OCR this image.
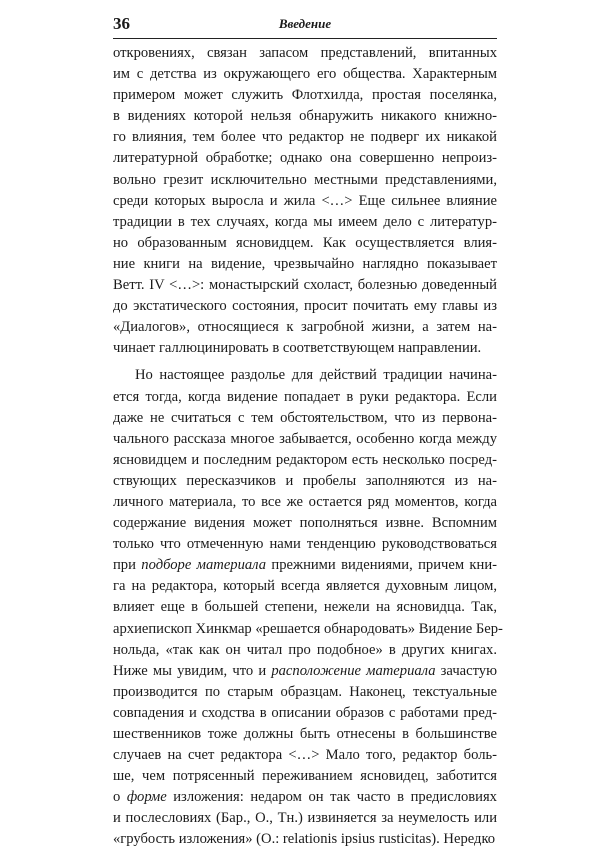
36	Введение
откровениях, связан запасом представлений, впитанных
им с детства из окружающего его общества. Характерным
примером может служить Флотхилда, простая поселянка,
в видениях которой нельзя обнаружить никакого книжно-
го влияния, тем более что редактор не подверг их никакой
литературной обработке; однако она совершенно непроиз-
вольно грезит исключительно местными представлениями,
среди которых выросла и жила <…> Еще сильнее влияние
традиции в тех случаях, когда мы имеем дело с литератур-
но образованным ясновидцем. Как осуществляется влия-
ние книги на видение, чрезвычайно наглядно показывает
Ветт. IV <…>: монастырский схоласт, болезнью доведенный
до экстатического состояния, просит почитать ему главы из
«Диалогов», относящиеся к загробной жизни, а затем на-
чинает галлюцинировать в соответствующем направлении.
Но настоящее раздолье для действий традиции начина-
ется тогда, когда видение попадает в руки редактора. Если
даже не считаться с тем обстоятельством, что из первона-
чального рассказа многое забывается, особенно когда между
ясновидцем и последним редактором есть несколько посред-
ствующих пересказчиков и пробелы заполняются из на-
личного материала, то все же остается ряд моментов, когда
содержание видения может пополняться извне. Вспомним
только что отмеченную нами тенденцию руководствоваться
при подборе материала прежними видениями, причем кни-
га на редактора, который всегда является духовным лицом,
влияет еще в большей степени, нежели на ясновидца. Так,
архиепископ Хинкмар «решается обнародовать» Видение Бер-
нольда, «так как он читал про подобное» в других книгах.
Ниже мы увидим, что и расположение материала зачастую
производится по старым образцам. Наконец, текстуальные
совпадения и сходства в описании образов с работами пред-
шественников тоже должны быть отнесены в большинстве
случаев на счет редактора <…> Мало того, редактор боль-
ше, чем потрясенный переживанием ясновидец, заботится
о форме изложения: недаром он так часто в предисловиях
и послесловиях (Бар., О., Тн.) извиняется за неумелость или
«грубость изложения» (О.: relationis ipsius rusticitas). Нередко
